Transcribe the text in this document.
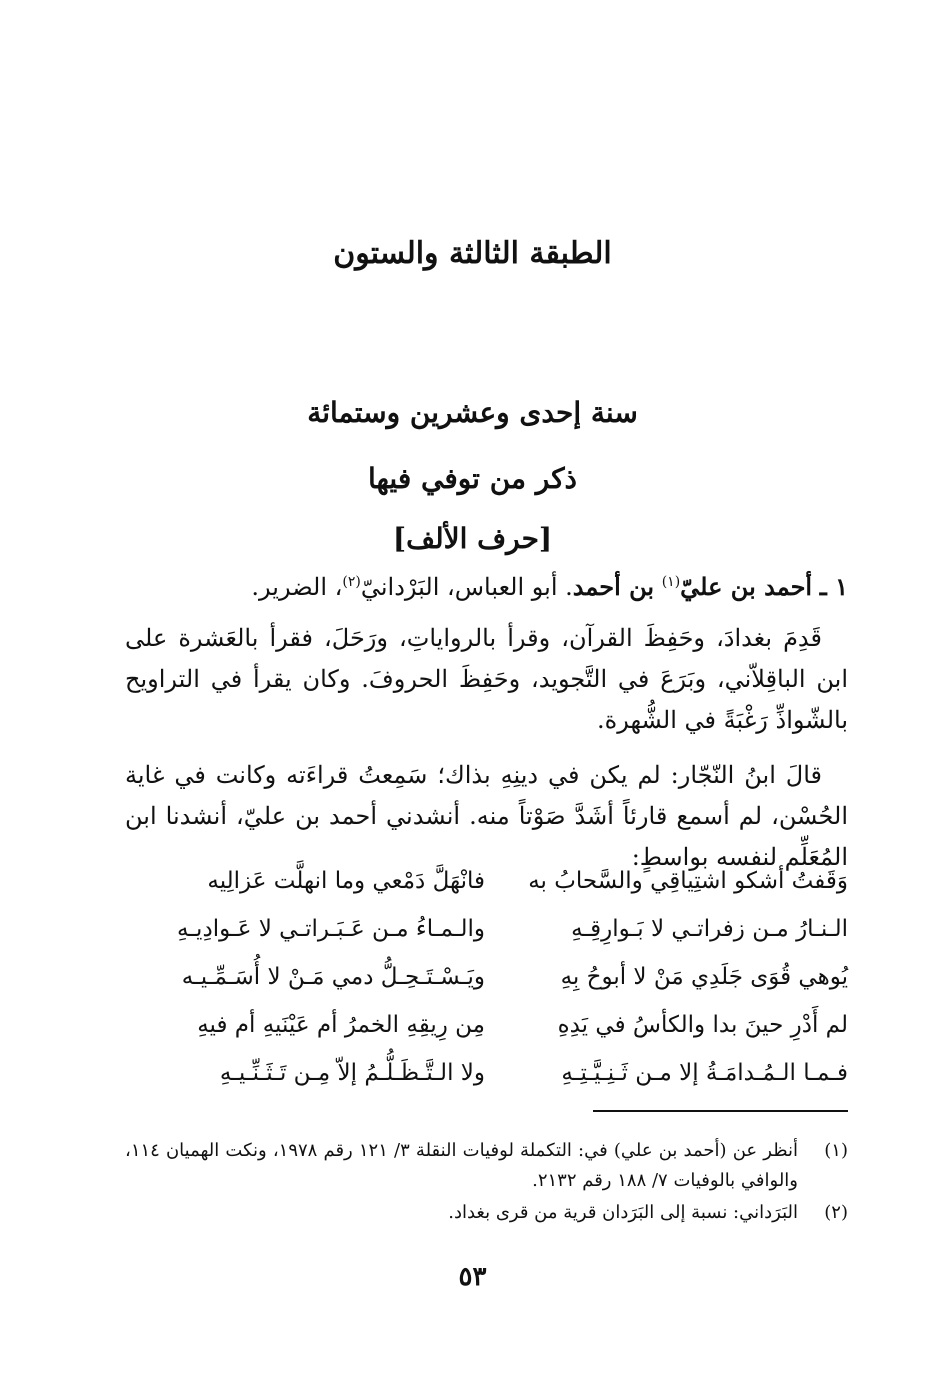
الطبقة الثالثة والستون
سنة إحدى وعشرين وستمائة
ذكر من توفي فيها
[حرف الألف]
١ ـ أحمد بن عليّ$^{(١)}$ بن أحمد. أبو العباس، البَرْدانيّ$^{(٢)}$، الضرير.
قَدِمَ بغدادَ، وحَفِظَ القرآن، وقرأ بالرواياتِ، ورَحَلَ، فقرأ بالعَشرة على ابن الباقِلاّني، وبَرَعَ في التَّجويد، وحَفِظَ الحروفَ. وكان يقرأ في التراويح بالشّواذِّ رَغْبَةً في الشُّهرة.
قالَ ابنُ النّجّار: لم يكن في دينِهِ بذاك؛ سَمِعتُ قراءَته وكانت في غاية الحُسْن، لم أسمع قارئاً أشَدَّ صَوْتاً منه. أنشدني أحمد بن عليّ، أنشدنا ابن المُعَلِّم لنفسه بواسطٍ:
وَقَفتُ أشكو اشتِياقِي والسَّحابُ به
فانْهَلَّ دَمْعي وما انهلَّت عَزالِيه
الـنـارُ مـن زفراتـي لا بَـوارِقِـهِ
والـمـاءُ مـن عَـبَـراتـي لا عَـوادِيـهِ
يُوهي قُوَى جَلَدِي مَنْ لا أبوحُ بِهِ
ويَـسْـتَـحِـلُّ دمي مَـنْ لا أُسَـمِّـيـه
لم أَدْرِ حينَ بدا والكأسُ في يَدِهِ
مِن رِيقِهِ الخمرُ أم عَيْنَيهِ أم فيهِ
فـمـا الـمُـدامَـةُ إلا مـن ثَـنِـيَّـتِـهِ
ولا الـتَّـظَـلُّـمُ إلاّ مِـن تَـثَـنِّـيـهِ
(١)
أنظر عن (أحمد بن علي) في: التكملة لوفيات النقلة ٣/ ١٢١ رقم ١٩٧٨، ونكت الهميان ١١٤، والوافي بالوفيات ٧/ ١٨٨ رقم ٢١٣٢.
(٢)
البَرَداني: نسبة إلى البَرَدان قرية من قرى بغداد.
٥٣
